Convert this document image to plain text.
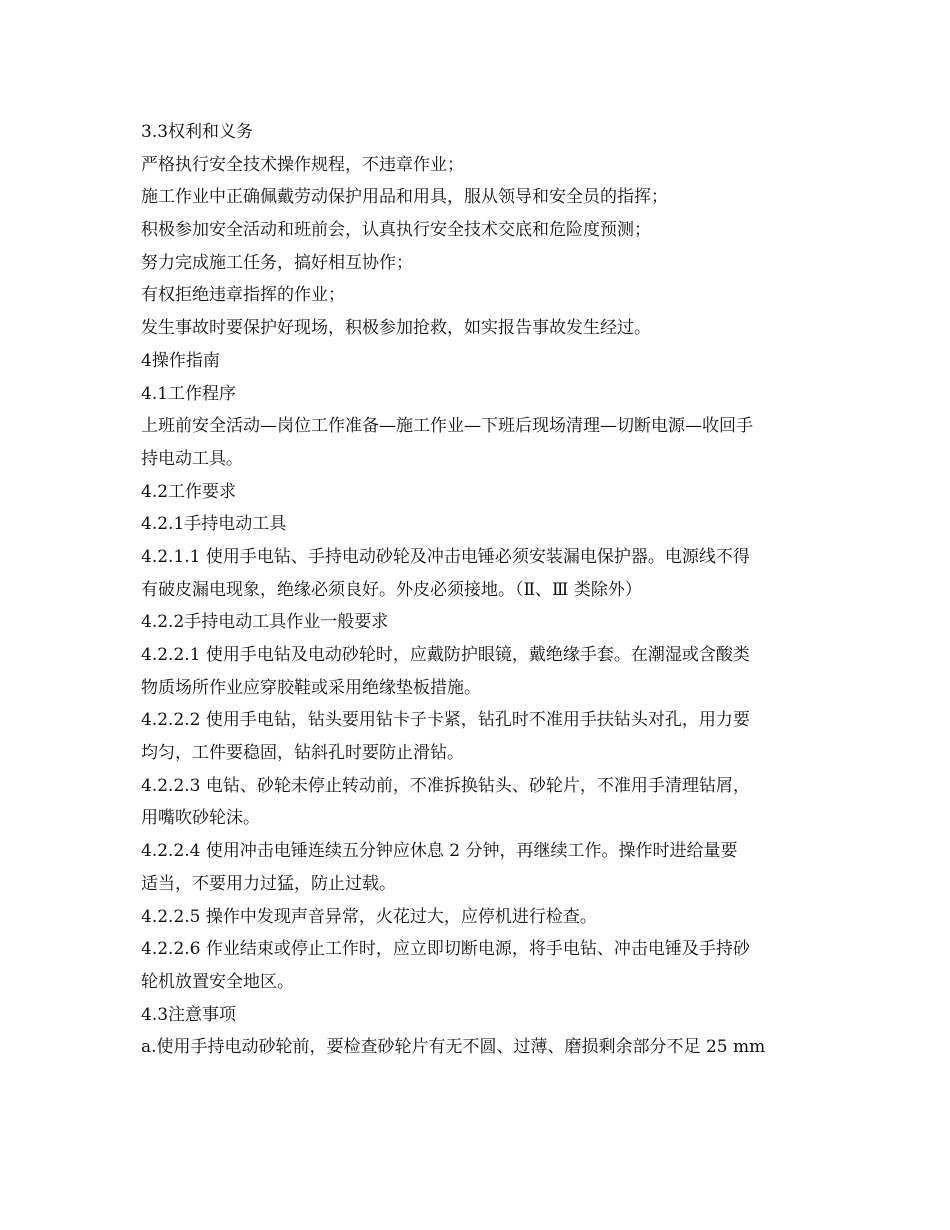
3.3权利和义务
严格执行安全技术操作规程，不违章作业；
施工作业中正确佩戴劳动保护用品和用具，服从领导和安全员的指挥；
积极参加安全活动和班前会，认真执行安全技术交底和危险度预测；
努力完成施工任务，搞好相互协作；
有权拒绝违章指挥的作业；
发生事故时要保护好现场，积极参加抢救，如实报告事故发生经过。
4操作指南
4.1工作程序
上班前安全活动—岗位工作准备—施工作业—下班后现场清理—切断电源—收回手
持电动工具。
4.2工作要求
4.2.1手持电动工具
4.2.1.1 使用手电钻、手持电动砂轮及冲击电锤必须安装漏电保护器。电源线不得
有破皮漏电现象，绝缘必须良好。外皮必须接地。（Ⅱ、Ⅲ 类除外）
4.2.2手持电动工具作业一般要求
4.2.2.1 使用手电钻及电动砂轮时，应戴防护眼镜，戴绝缘手套。在潮湿或含酸类
物质场所作业应穿胶鞋或采用绝缘垫板措施。
4.2.2.2 使用手电钻，钻头要用钻卡子卡紧，钻孔时不准用手扶钻头对孔，用力要
均匀，工件要稳固，钻斜孔时要防止滑钻。
4.2.2.3 电钻、砂轮未停止转动前，不准拆换钻头、砂轮片，不准用手清理钻屑，
用嘴吹砂轮沫。
4.2.2.4 使用冲击电锤连续五分钟应休息 2 分钟，再继续工作。操作时进给量要
适当，不要用力过猛，防止过载。
4.2.2.5 操作中发现声音异常，火花过大，应停机进行检查。
4.2.2.6 作业结束或停止工作时，应立即切断电源，将手电钻、冲击电锤及手持砂
轮机放置安全地区。
4.3注意事项
a.使用手持电动砂轮前，要检查砂轮片有无不圆、过薄、磨损剩余部分不足 25 mm
